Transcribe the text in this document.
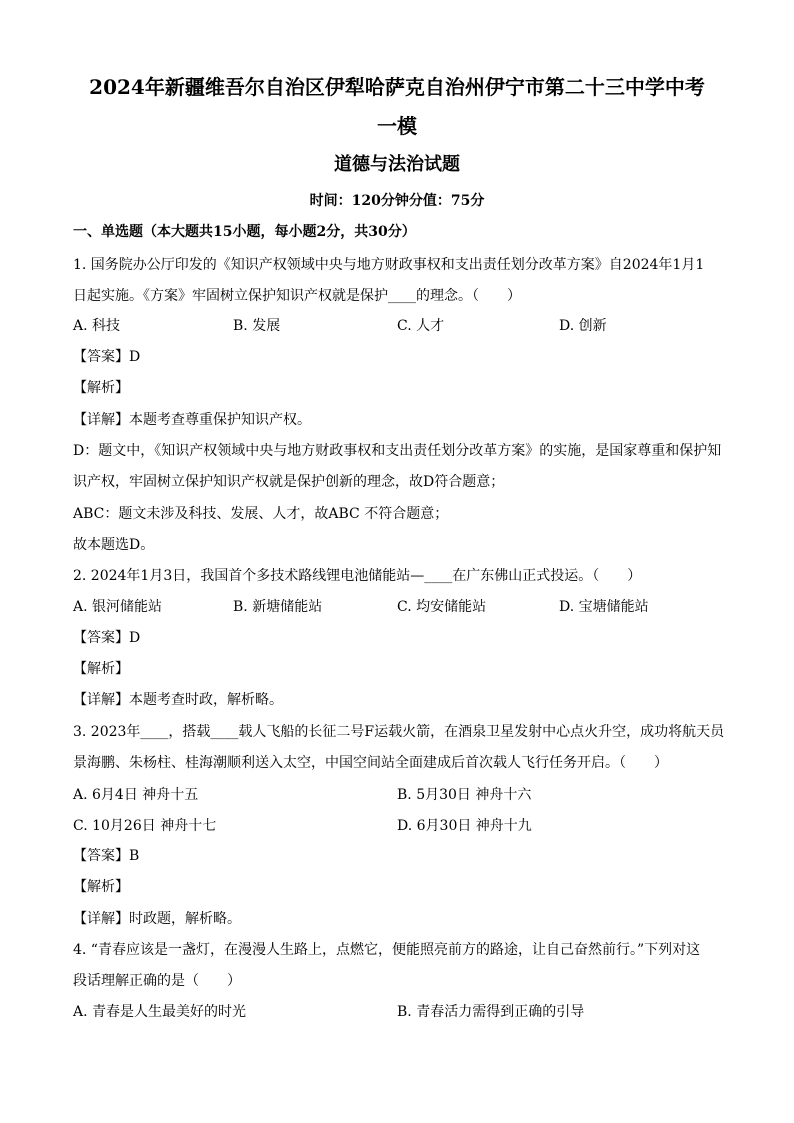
2024年新疆维吾尔自治区伊犁哈萨克自治州伊宁市第二十三中学中考
一模
道德与法治试题
时间：120分钟分值：75分
一、单选题（本大题共15小题，每小题2分，共30分）
1. 国务院办公厅印发的《知识产权领域中央与地方财政事权和支出责任划分改革方案》自2024年1月1
日起实施。《方案》牢固树立保护知识产权就是保护____的理念。（　　）
A. 科技	B. 发展	C. 人才	D. 创新
【答案】D
【解析】
【详解】本题考查尊重保护知识产权。
D：题文中，《知识产权领域中央与地方财政事权和支出责任划分改革方案》的实施，是国家尊重和保护知
识产权，牢固树立保护知识产权就是保护创新的理念，故D符合题意；
ABC：题文未涉及科技、发展、人才，故ABC 不符合题意；
故本题选D。
2. 2024年1月3日，我国首个多技术路线锂电池储能站—____在广东佛山正式投运。（　　）
A. 银河储能站	B. 新塘储能站	C. 均安储能站	D. 宝塘储能站
【答案】D
【解析】
【详解】本题考查时政，解析略。
3. 2023年____，搭载____载人飞船的长征二号F运载火箭，在酒泉卫星发射中心点火升空，成功将航天员
景海鹏、朱杨柱、桂海潮顺利送入太空，中国空间站全面建成后首次载人飞行任务开启。（　　）
A. 6月4日 神舟十五	B. 5月30日 神舟十六
C. 10月26日 神舟十七	D. 6月30日 神舟十九
【答案】B
【解析】
【详解】时政题，解析略。
4. “青春应该是一盏灯，在漫漫人生路上，点燃它，便能照亮前方的路途，让自己奋然前行。”下列对这
段话理解正确的是（　　）
A. 青春是人生最美好的时光	B. 青春活力需得到正确的引导
